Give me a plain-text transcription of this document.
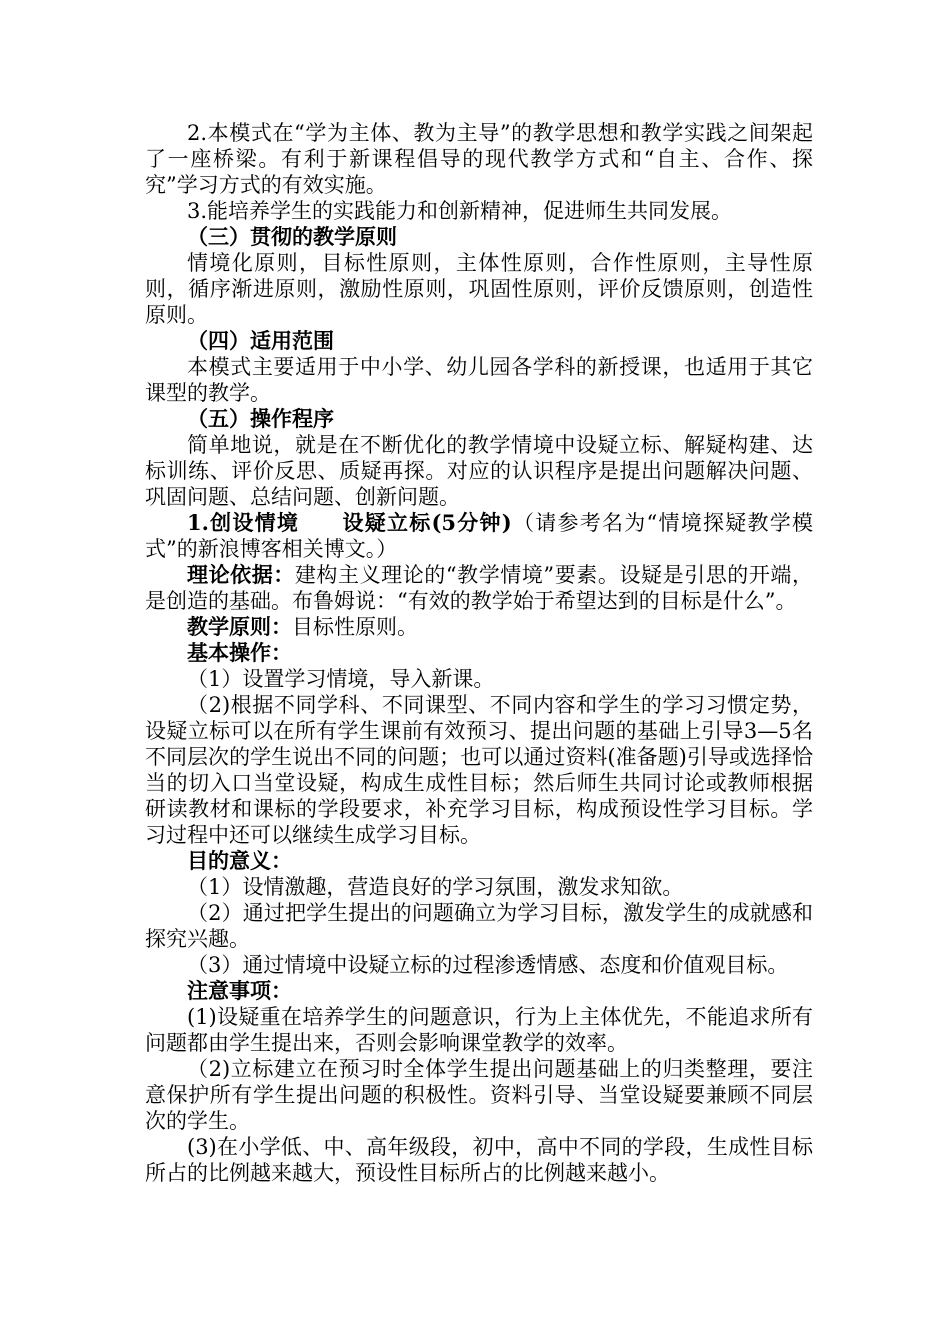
2.本模式在“学为主体、教为主导”的教学思想和教学实践之间架起了一座桥梁。有利于新课程倡导的现代教学方式和“自主、合作、探究”学习方式的有效实施。

3.能培养学生的实践能力和创新精神，促进师生共同发展。

（三）贯彻的教学原则

情境化原则，目标性原则，主体性原则，合作性原则，主导性原则，循序渐进原则，激励性原则，巩固性原则，评价反馈原则，创造性原则。

（四）适用范围

本模式主要适用于中小学、幼儿园各学科的新授课，也适用于其它课型的教学。

（五）操作程序

简单地说，就是在不断优化的教学情境中设疑立标、解疑构建、达标训练、评价反思、质疑再探。对应的认识程序是提出问题解决问题、巩固问题、总结问题、创新问题。

1.创设情境 设疑立标(5分钟)（请参考名为“情境探疑教学模式”的新浪博客相关博文。）

理论依据：建构主义理论的“教学情境”要素。设疑是引思的开端，是创造的基础。布鲁姆说：“有效的教学始于希望达到的目标是什么”。

教学原则：目标性原则。

基本操作：

（1）设置学习情境，导入新课。

（2)根据不同学科、不同课型、不同内容和学生的学习习惯定势，设疑立标可以在所有学生课前有效预习、提出问题的基础上引导3—5名不同层次的学生说出不同的问题；也可以通过资料(准备题)引导或选择恰当的切入口当堂设疑，构成生成性目标；然后师生共同讨论或教师根据研读教材和课标的学段要求，补充学习目标，构成预设性学习目标。学习过程中还可以继续生成学习目标。

目的意义：

（1）设情激趣，营造良好的学习氛围，激发求知欲。

（2）通过把学生提出的问题确立为学习目标，激发学生的成就感和探究兴趣。

（3）通过情境中设疑立标的过程渗透情感、态度和价值观目标。

注意事项：

(1)设疑重在培养学生的问题意识，行为上主体优先，不能追求所有问题都由学生提出来，否则会影响课堂教学的效率。

（2)立标建立在预习时全体学生提出问题基础上的归类整理，要注意保护所有学生提出问题的积极性。资料引导、当堂设疑要兼顾不同层次的学生。

(3)在小学低、中、高年级段，初中，高中不同的学段，生成性目标所占的比例越来越大，预设性目标所占的比例越来越小。
